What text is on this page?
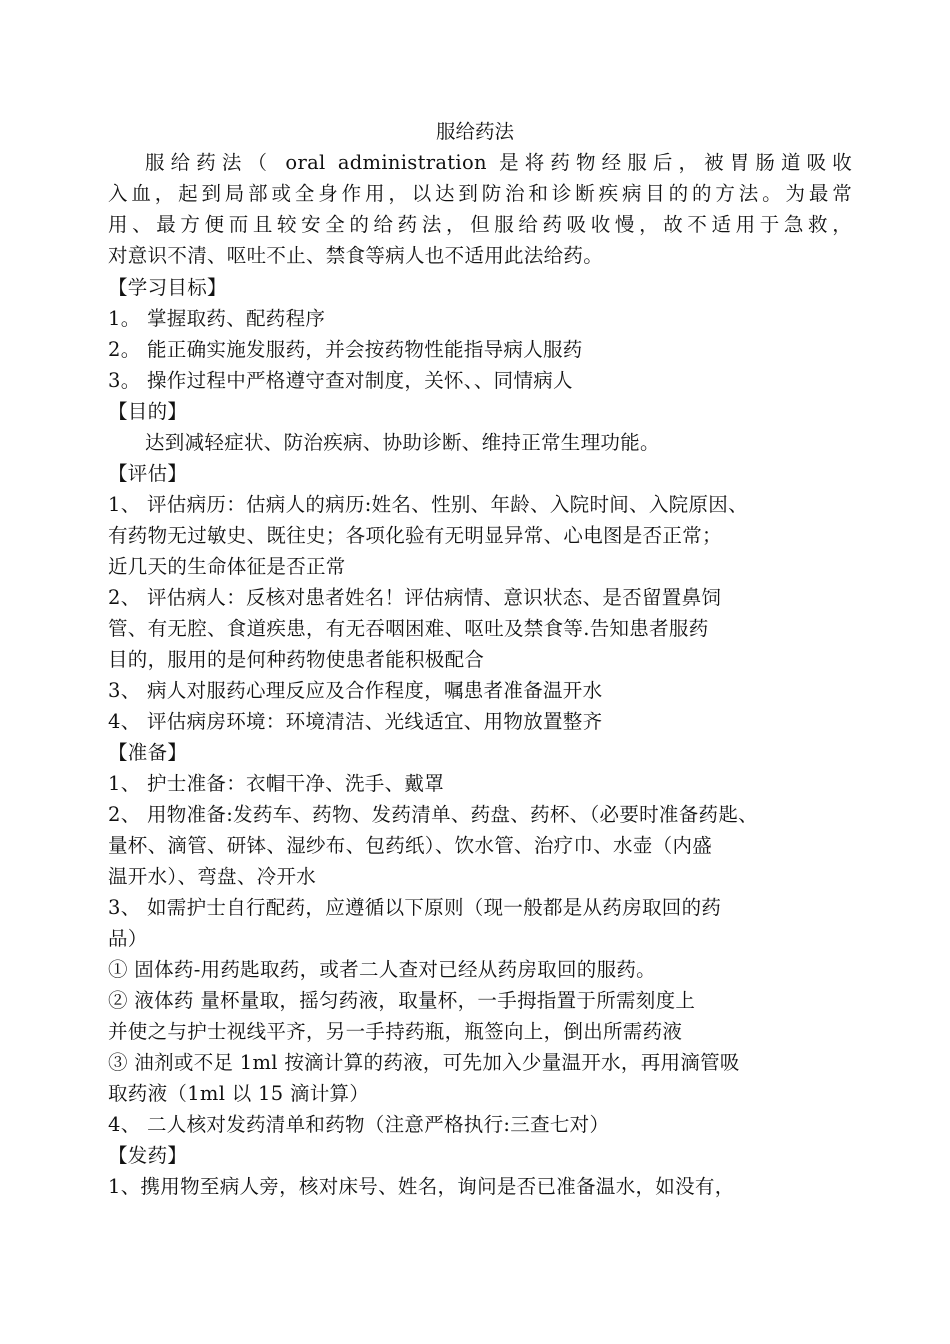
服给药法
服给药法（ oral administration 是将药物经服后，被胃肠道吸收
入血，起到局部或全身作用，以达到防治和诊断疾病目的的方法。为最常
用、最方便而且较安全的给药法，但服给药吸收慢，故不适用于急救，
对意识不清、呕吐不止、禁食等病人也不适用此法给药。
【学习目标】
1。 掌握取药、配药程序
2。 能正确实施发服药，并会按药物性能指导病人服药
3。 操作过程中严格遵守查对制度，关怀、、同情病人
【目的】
达到减轻症状、防治疾病、协助诊断、维持正常生理功能。
【评估】
1、 评估病历：估病人的病历:姓名、性别、年龄、入院时间、入院原因、
有药物无过敏史、既往史；各项化验有无明显异常、心电图是否正常；
近几天的生命体征是否正常
2、 评估病人：反核对患者姓名！评估病情、意识状态、是否留置鼻饲
管、有无腔、食道疾患，有无吞咽困难、呕吐及禁食等.告知患者服药
目的，服用的是何种药物使患者能积极配合
3、 病人对服药心理反应及合作程度，嘱患者准备温开水
4、 评估病房环境：环境清洁、光线适宜、用物放置整齐
【准备】
1、 护士准备：衣帽干净、洗手、戴罩
2、 用物准备:发药车、药物、发药清单、药盘、药杯、（必要时准备药匙、
量杯、滴管、研钵、湿纱布、包药纸）、饮水管、治疗巾、水壶（内盛
温开水）、弯盘、冷开水
3、 如需护士自行配药，应遵循以下原则（现一般都是从药房取回的药
品）
① 固体药-用药匙取药，或者二人查对已经从药房取回的服药。
② 液体药 量杯量取，摇匀药液，取量杯，一手拇指置于所需刻度上
并使之与护士视线平齐，另一手持药瓶，瓶签向上，倒出所需药液
③ 油剂或不足 1ml 按滴计算的药液，可先加入少量温开水，再用滴管吸
取药液（1ml 以 15 滴计算）
4、 二人核对发药清单和药物（注意严格执行:三查七对）
【发药】
1、携用物至病人旁，核对床号、姓名，询问是否已准备温水，如没有，
